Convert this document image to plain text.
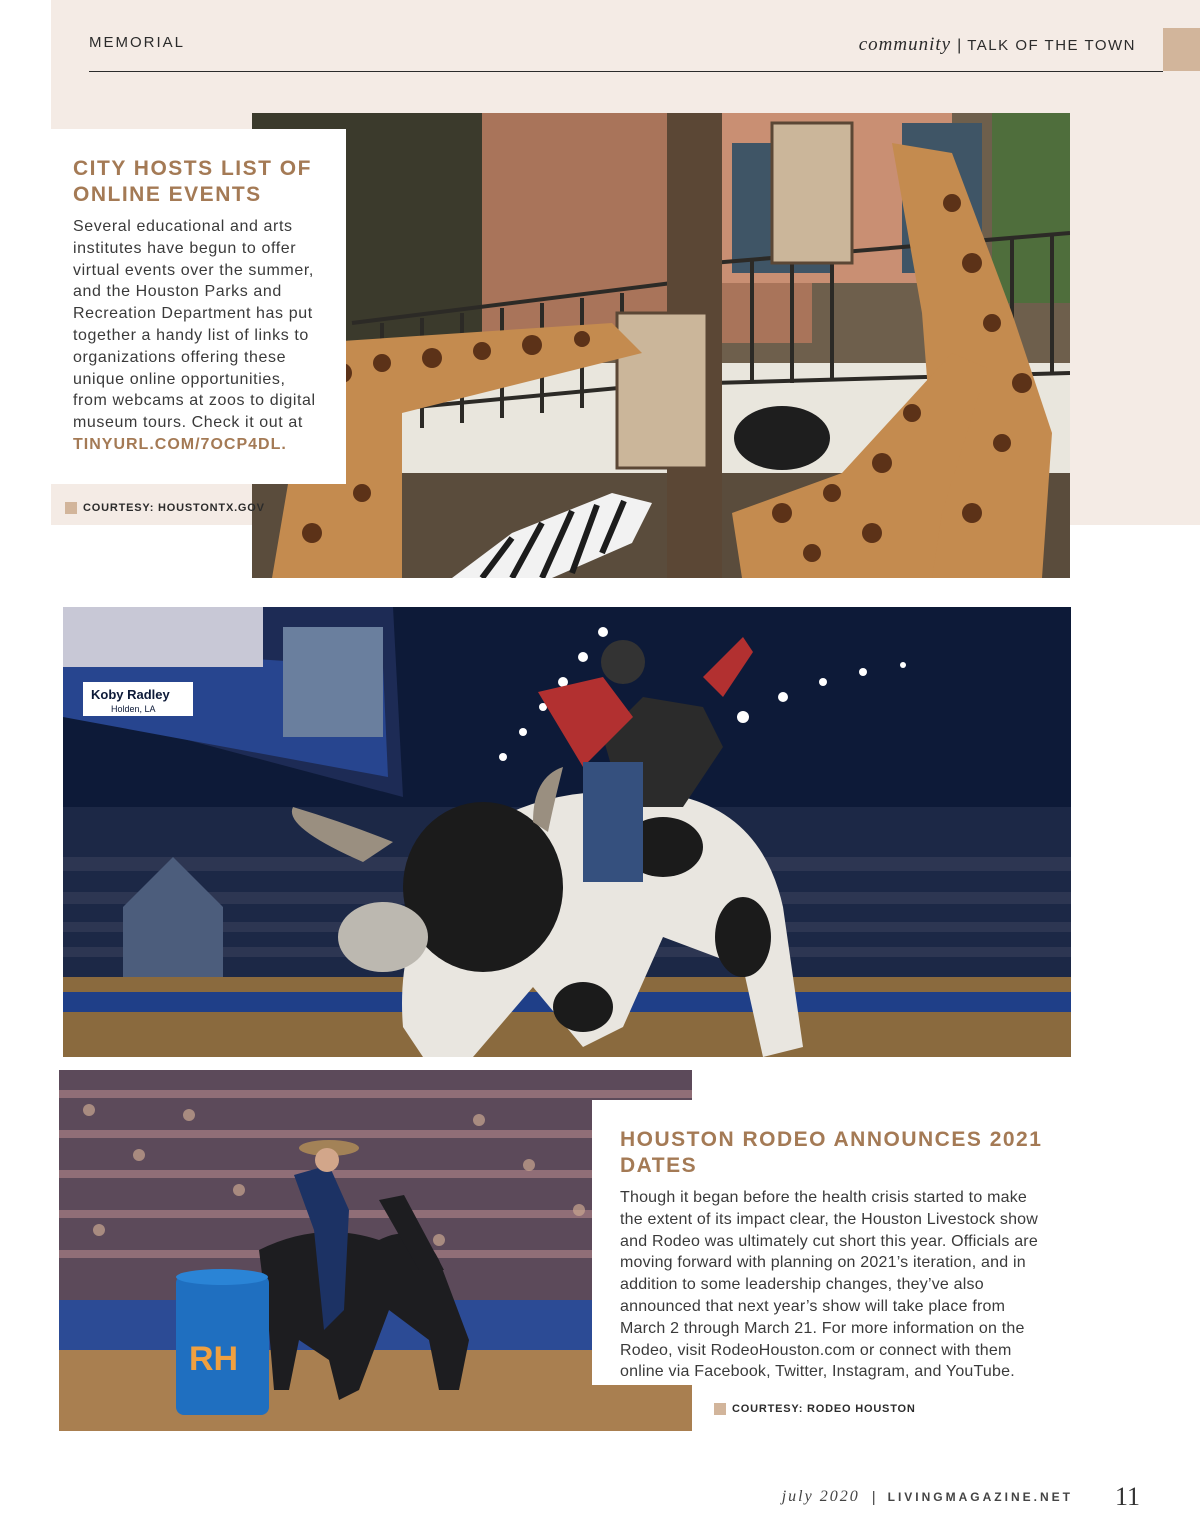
MEMORIAL	community | TALK OF THE TOWN
CITY HOSTS LIST OF
ONLINE EVENTS

Several educational and arts institutes have begun to offer virtual events over the summer, and the Houston Parks and Recreation Department has put together a handy list of links to organizations offering these unique online opportunities, from webcams at zoos to digital museum tours. Check it out at TINYURL.COM/7OCP4DL.

COURTESY: HOUSTONTX.GOV
Koby Radley
Holden, LA
RH
HOUSTON RODEO ANNOUNCES 2021 DATES

Though it began before the health crisis started to make the extent of its impact clear, the Houston Livestock show and Rodeo was ultimately cut short this year. Officials are moving forward with planning on 2021’s iteration, and in addition to some leadership changes, they’ve also announced that next year’s show will take place from March 2 through March 21. For more information on the Rodeo, visit RodeoHouston.com or connect with them online via Facebook, Twitter, Instagram, and YouTube.

COURTESY: RODEO HOUSTON
july 2020 | LIVINGMAGAZINE.NET 11
